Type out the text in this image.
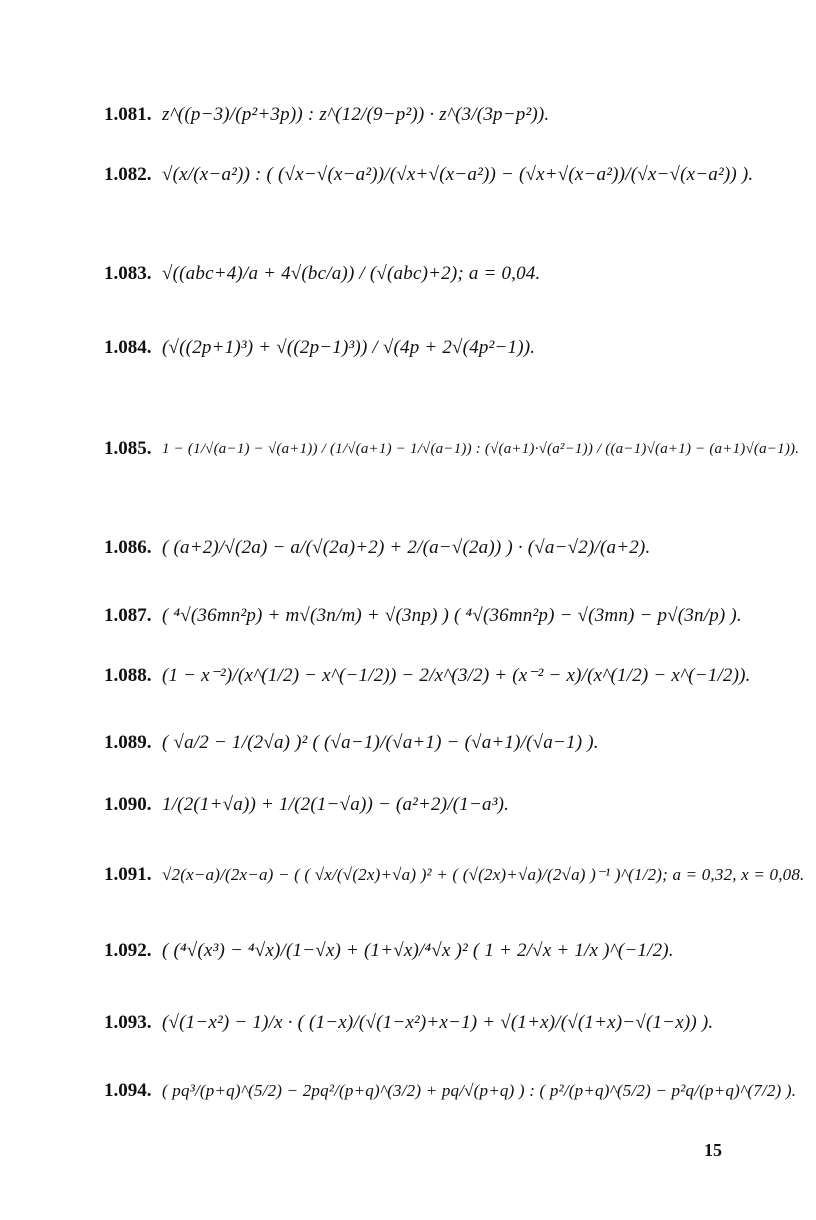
1.081. z^((p−3)/(p²+3p)) : z^(12/(9−p²)) · z^(3/(3p−p²)).
1.082. √(x/(x−a²)) : ( (√x−√(x−a²))/(√x+√(x−a²)) − (√x+√(x−a²))/(√x−√(x−a²)) ).
1.083. √((abc+4)/a + 4√(bc/a)) / (√(abc)+2); a = 0,04.
1.084. (√((2p+1)³) + √((2p−1)³)) / √(4p + 2√(4p²−1)).
1.085. 1 − (1/√(a−1) − √(a+1)) / (1/√(a+1) − 1/√(a−1)) : (√(a+1)·√(a²−1)) / ((a−1)√(a+1) − (a+1)√(a−1)).
1.086. ( (a+2)/√(2a) − a/(√(2a)+2) + 2/(a−√(2a)) ) · (√a−√2)/(a+2).
1.087. ( ⁴√(36mn²p) + m√(3n/m) + √(3np) ) ( ⁴√(36mn²p) − √(3mn) − p√(3n/p) ).
1.088. (1 − x⁻²)/(x^(1/2) − x^(−1/2)) − 2/x^(3/2) + (x⁻² − x)/(x^(1/2) − x^(−1/2)).
1.089. ( √a/2 − 1/(2√a) )² ( (√a−1)/(√a+1) − (√a+1)/(√a−1) ).
1.090. 1/(2(1+√a)) + 1/(2(1−√a)) − (a²+2)/(1−a³).
1.091. √2(x−a)/(2x−a) − ( ( √x/(√(2x)+√a) )² + ( (√(2x)+√a)/(2√a) )⁻¹ )^(1/2); a = 0,32, x = 0,08.
1.092. ( (⁴√(x³) − ⁴√x)/(1−√x) + (1+√x)/⁴√x )² ( 1 + 2/√x + 1/x )^(−1/2).
1.093. (√(1−x²) − 1)/x · ( (1−x)/(√(1−x²)+x−1) + √(1+x)/(√(1+x)−√(1−x)) ).
1.094. ( pq³/(p+q)^(5/2) − 2pq²/(p+q)^(3/2) + pq/√(p+q) ) : ( p²/(p+q)^(5/2) − p²q/(p+q)^(7/2) ).
15
